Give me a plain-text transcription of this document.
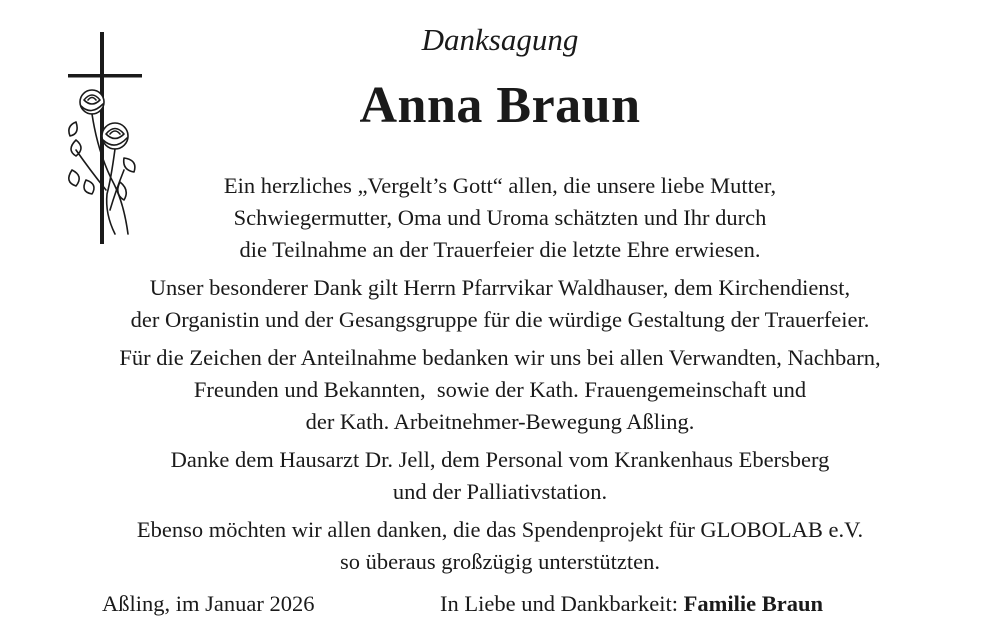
Danksagung
Anna Braun
Ein herzliches „Vergelt’s Gott“ allen, die unsere liebe Mutter,
Schwiegermutter, Oma und Uroma schätzten und Ihr durch
die Teilnahme an der Trauerfeier die letzte Ehre erwiesen.
Unser besonderer Dank gilt Herrn Pfarrvikar Waldhauser, dem Kirchendienst,
der Organistin und der Gesangsgruppe für die würdige Gestaltung der Trauerfeier.
Für die Zeichen der Anteilnahme bedanken wir uns bei allen Verwandten, Nachbarn,
Freunden und Bekannten,  sowie der Kath. Frauengemeinschaft und
der Kath. Arbeitnehmer-Bewegung Aßling.
Danke dem Hausarzt Dr. Jell, dem Personal vom Krankenhaus Ebersberg
und der Palliativstation.
Ebenso möchten wir allen danken, die das Spendenprojekt für GLOBOLAB e.V.
so überaus großzügig unterstützten.
Aßling, im Januar 2026	In Liebe und Dankbarkeit: Familie Braun
